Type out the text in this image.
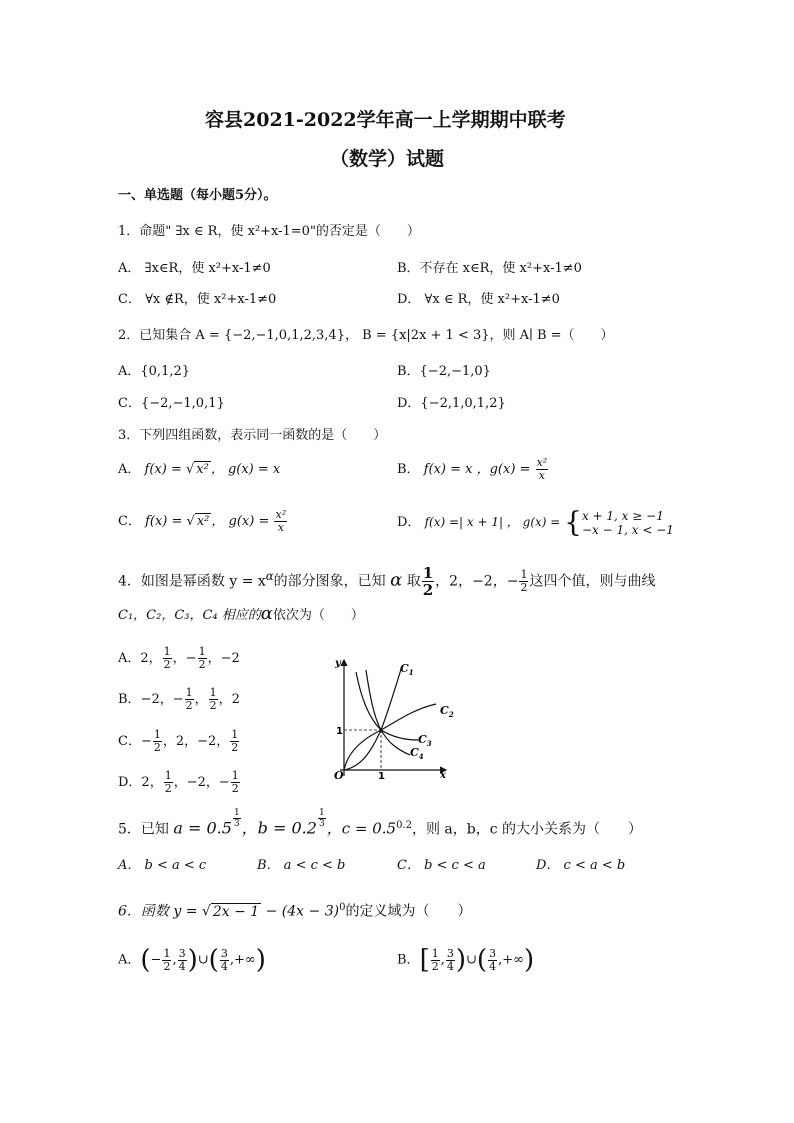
容县2021-2022学年高一上学期期中联考
（数学）试题
一、单选题（每小题5分）。
1．命题" ∃x ∈ R，使 x²+x-1=0"的否定是（　　）
A． ∃x∈R，使 x²+x-1≠0	B．不存在 x∈R，使 x²+x-1≠0
C． ∀x ∉R，使 x²+x-1≠0	D． ∀x ∈ R，使 x²+x-1≠0
2．已知集合 A = {−2,−1,0,1,2,3,4}， B = {x|2x + 1 < 3}，则 A∣ B =（　　）
A．{0,1,2}	B．{−2,−1,0}
C．{−2,−1,0,1}	D．{−2,1,0,1,2}
3．下列四组函数，表示同一函数的是（　　）
A． f(x) = √ x² ， g(x) = x	B． f(x) = x ，$g(x) = \frac{\text{x²}}{x}$
C． f(x) = √ x² ， $g(x) = \frac{\text{x²}}{x}$	D． f(x) =| x + 1| ， g(x) = { x + 1, x ≥ −1
−x − 1, x < −1
4．如图是幂函数 $y = x^\alpha$的部分图象，已知 α 取 $\frac{1}{2}$ ，2，−2，− $\frac{1}{2}$ 这四个值，则与曲线
C₁，C₂，C₃，C₄ 相应的α依次为（　　）
A．2， $\frac{1}{2}$ ，− $\frac{1}{2}$ ，−2
B．−2，− $\frac{1}{2}$ ， $\frac{1}{2}$ ，2
C．− $\frac{1}{2}$ ，2，−2， $\frac{1}{2}$
D．2， $\frac{1}{2}$ ，−2，− $\frac{1}{2}$
y
x
O	1
1
$C_1$
$C_2$
$C_3$
$C_4$
5．已知 $a = 0.5 \frac{1}{3}$ ，$b = 0.2 \frac{1}{3}$ ，$c = 0.5^{0.2}$，则 a，b，c 的大小关系为（　　）
A． b < a < c	B． a < c < b	C． b < c < a	D． c < a < b
6．函数 y = √ $2x - 1 - (4x - 3)^0$的定义域为（　　）
A．(− $\frac{1}{2}$ , $\frac{3}{4}$ )∪( $\frac{3}{4}$ ,+∞)	B．[ $\frac{1}{2}$ , $\frac{3}{4}$ )∪( $\frac{3}{4}$ ,+∞)
